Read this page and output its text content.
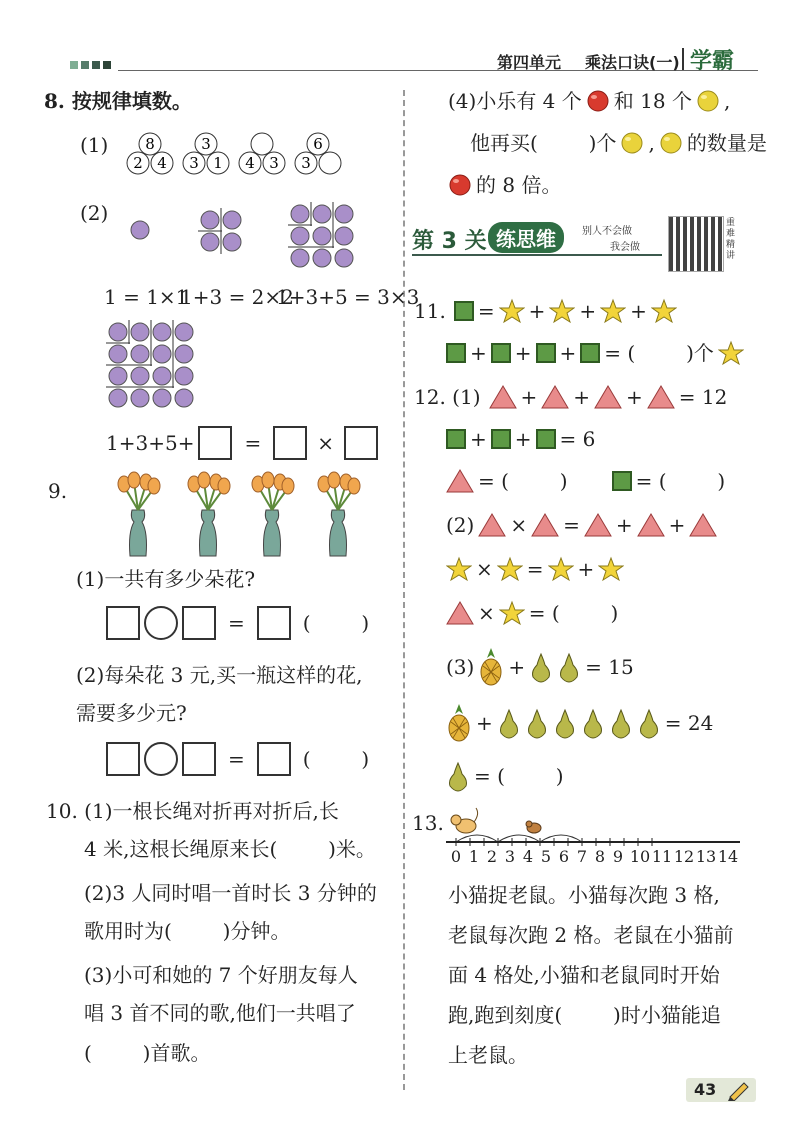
第四单元 乘法口诀(一) 学霸
8. 按规律填数。
(1) 8
2 4
3
3 1 4 3
6
3
(2)
1 = 1×1
1+3 = 2×2
1+3+5 = 3×3
1+3+5+	=	×
9.
(1)一共有多少朵花?
=	(        )
(2)每朵花 3 元,买一瓶这样的花,
需要多少元?
=	(        )
10. (1)一根长绳对折再对折后,长
4 米,这根长绳原来长(        )米。
(2)3 人同时唱一首时长 3 分钟的
歌用时为(        )分钟。
(3)小可和她的 7 个好朋友每人
唱 3 首不同的歌,他们一共唱了
(        )首歌。
(4)小乐有 4 个 和 18 个 ,
他再买(        )个 , 的数量是
的 8 倍。
第 3 关 练思维	别人不会做
我会做
重难精讲
11. = + + +
+ + + = (        )个
12. (1) + + + = 12
+ + = 6
= (        )	= (        )
(2) × = + +
× = +
× = (        )
(3) +	= 15
+	= 24
= (        )
13.
0 1 2 3 4 5 6 7 8 9 10 11 12 13 14
小猫捉老鼠。小猫每次跑 3 格,
老鼠每次跑 2 格。老鼠在小猫前
面 4 格处,小猫和老鼠同时开始
跑,跑到刻度(        )时小猫能追
上老鼠。
43
